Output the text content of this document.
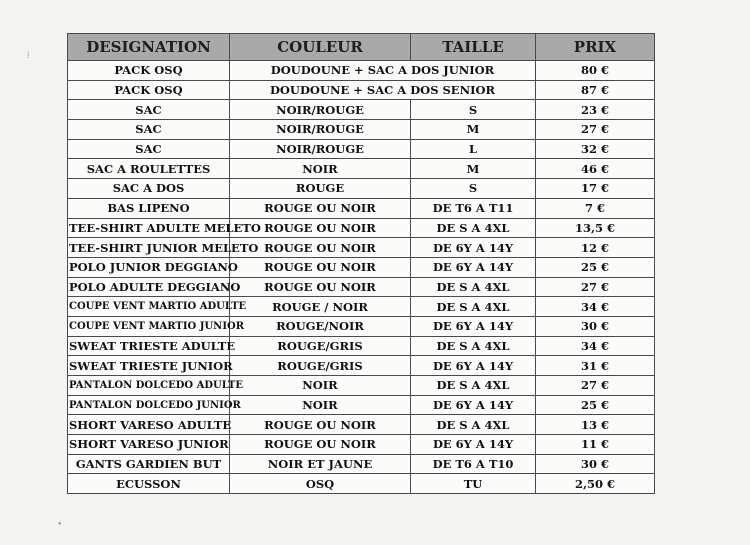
⁞
•
DESIGNATION	COULEUR	TAILLE	PRIX
PACK OSQ	DOUDOUNE + SAC A DOS JUNIOR		80 €
PACK OSQ	DOUDOUNE + SAC A DOS SENIOR		87 €
SAC	NOIR/ROUGE	S	23 €
SAC	NOIR/ROUGE	M	27 €
SAC	NOIR/ROUGE	L	32 €
SAC A ROULETTES	NOIR	M	46 €
SAC A DOS	ROUGE	S	17 €
BAS LIPENO	ROUGE OU NOIR	DE T6 A T11	7 €
TEE-SHIRT ADULTE MELETO	ROUGE OU NOIR	DE S A 4XL	13,5 €
TEE-SHIRT JUNIOR MELETO	ROUGE OU NOIR	DE 6Y A 14Y	12 €
POLO JUNIOR DEGGIANO	ROUGE OU NOIR	DE 6Y A 14Y	25 €
POLO ADULTE DEGGIANO	ROUGE OU NOIR	DE S A 4XL	27 €
COUPE VENT MARTIO ADULTE	ROUGE / NOIR	DE S A 4XL	34 €
COUPE VENT MARTIO JUNIOR	ROUGE/NOIR	DE 6Y A 14Y	30 €
SWEAT TRIESTE ADULTE	ROUGE/GRIS	DE S A 4XL	34 €
SWEAT TRIESTE JUNIOR	ROUGE/GRIS	DE 6Y A 14Y	31 €
PANTALON DOLCEDO ADULTE	NOIR	DE S A 4XL	27 €
PANTALON DOLCEDO JUNIOR	NOIR	DE 6Y A 14Y	25 €
SHORT VARESO ADULTE	ROUGE OU NOIR	DE S A 4XL	13 €
SHORT VARESO JUNIOR	ROUGE OU NOIR	DE 6Y A 14Y	11 €
GANTS GARDIEN BUT	NOIR ET JAUNE	DE T6 A T10	30 €
ECUSSON	OSQ	TU	2,50 €
